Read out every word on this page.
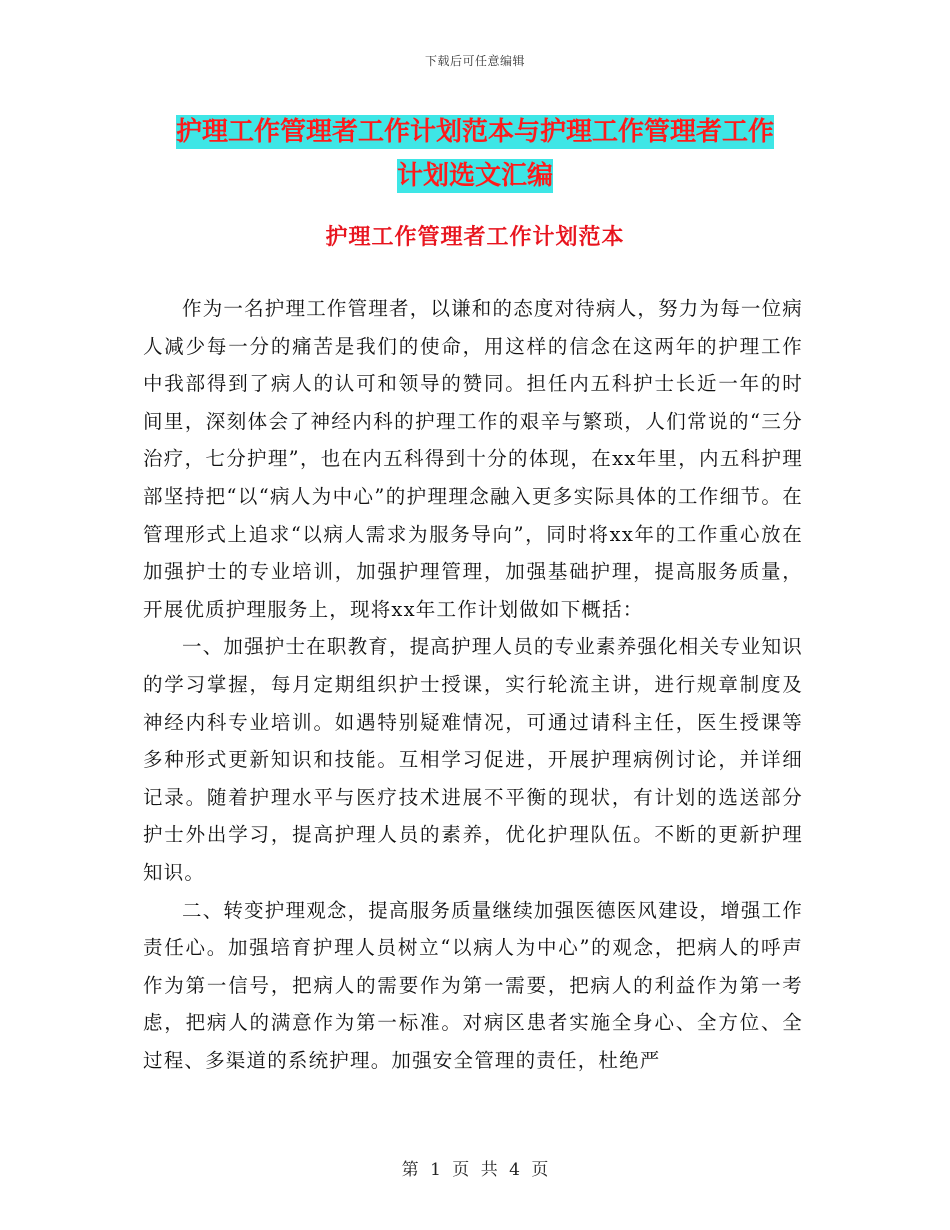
下载后可任意编辑
护理工作管理者工作计划范本与护理工作管理者工作
计划选文汇编
护理工作管理者工作计划范本

作为一名护理工作管理者，以谦和的态度对待病人，努力为每一位病人减少每一分的痛苦是我们的使命，用这样的信念在这两年的护理工作中我部得到了病人的认可和领导的赞同。担任内五科护士长近一年的时间里，深刻体会了神经内科的护理工作的艰辛与繁琐，人们常说的“三分治疗，七分护理”，也在内五科得到十分的体现，在xx年里，内五科护理部坚持把“以“病人为中心”的护理理念融入更多实际具体的工作细节。在管理形式上追求“以病人需求为服务导向”，同时将xx年的工作重心放在加强护士的专业培训，加强护理管理，加强基础护理，提高服务质量，开展优质护理服务上，现将xx年工作计划做如下概括：

一、加强护士在职教育，提高护理人员的专业素养强化相关专业知识的学习掌握，每月定期组织护士授课，实行轮流主讲，进行规章制度及神经内科专业培训。如遇特别疑难情况，可通过请科主任，医生授课等多种形式更新知识和技能。互相学习促进，开展护理病例讨论，并详细记录。随着护理水平与医疗技术进展不平衡的现状，有计划的选送部分护士外出学习，提高护理人员的素养，优化护理队伍。不断的更新护理知识。

二、转变护理观念，提高服务质量继续加强医德医风建设，增强工作责任心。加强培育护理人员树立“以病人为中心”的观念，把病人的呼声作为第一信号，把病人的需要作为第一需要，把病人的利益作为第一考虑，把病人的满意作为第一标准。对病区患者实施全身心、全方位、全过程、多渠道的系统护理。加强安全管理的责任，杜绝严

第 1 页 共 4 页
